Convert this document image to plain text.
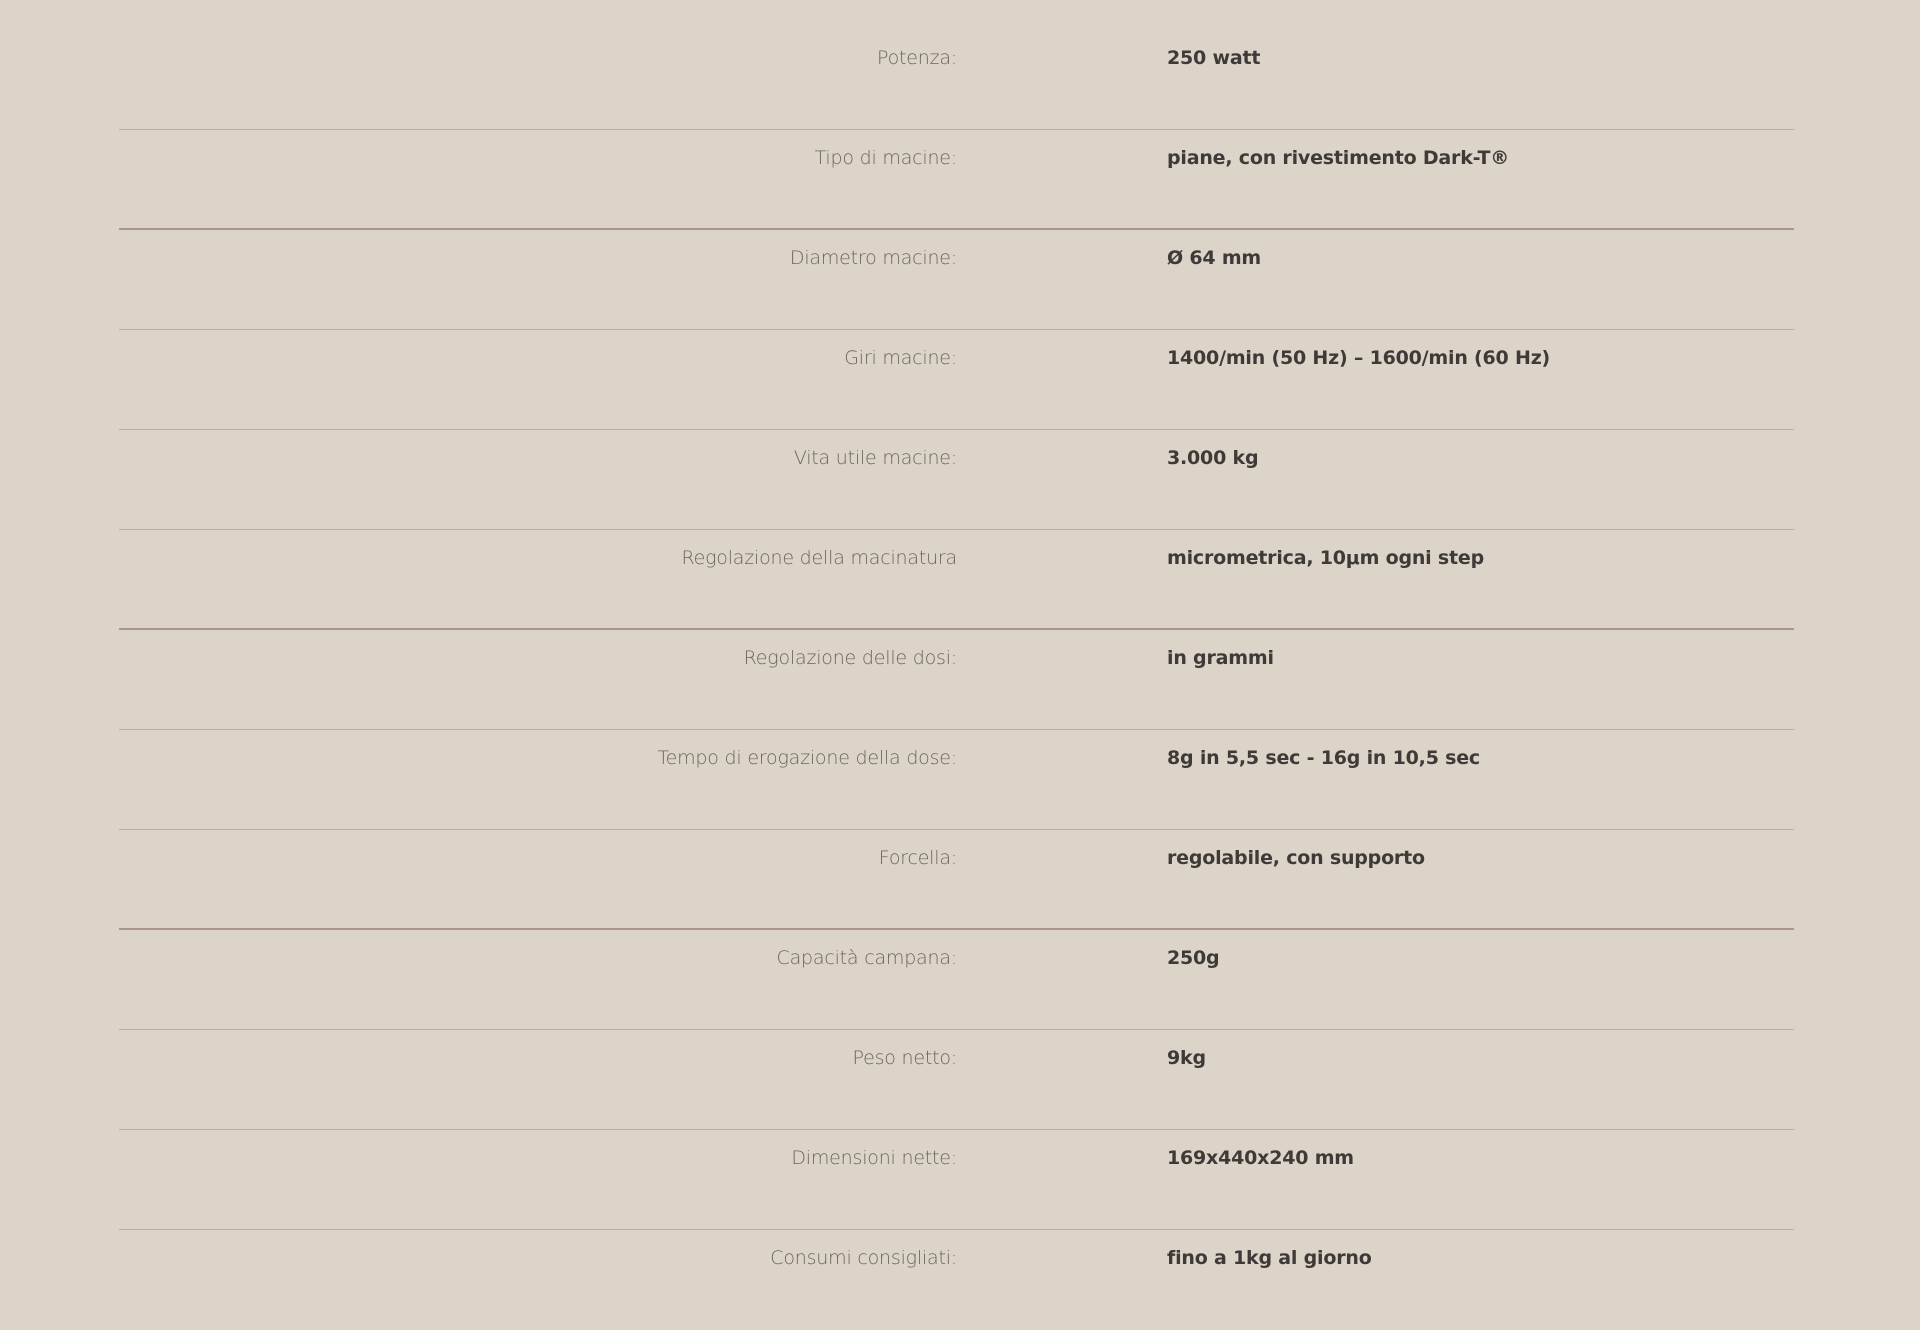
Potenza:	250 watt
Tipo di macine:	piane, con rivestimento Dark-T®
Diametro macine:	Ø 64 mm
Giri macine:	1400/min (50 Hz) – 1600/min (60 Hz)
Vita utile macine:	3.000 kg
Regolazione della macinatura	micrometrica, 10μm ogni step
Regolazione delle dosi:	in grammi
Tempo di erogazione della dose:	8g in 5,5 sec - 16g in 10,5 sec
Forcella:	regolabile, con supporto
Capacità campana:	250g
Peso netto:	9kg
Dimensioni nette:	169x440x240 mm
Consumi consigliati:	fino a 1kg al giorno
